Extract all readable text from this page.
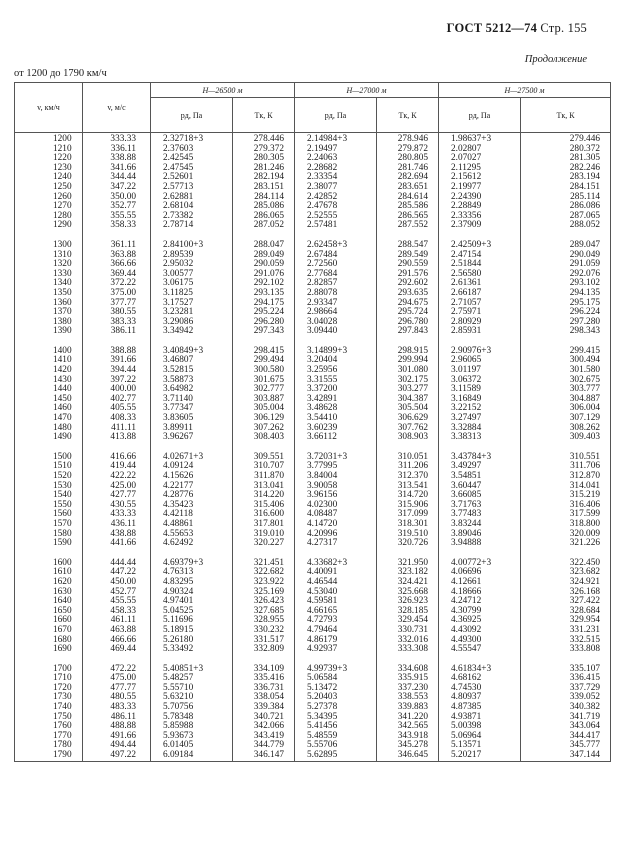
ГОСТ 5212—74 Стр. 155
Продолжение
от 1200 до 1790 км/ч
v, км/ч	v, м/с	H—26500 м		H—27000 м		H—27500 м	
		pд, Па	Tк, К	pд, Па	Tк, К	pд, Па	Tк, К
1200	333.33	2.32718+3	278.446	2.14984+3	278.946	1.98637+3	279.446
1210	336.11	2.37603	279.372	2.19497	279.872	2.02807	280.372
1220	338.88	2.42545	280.305	2.24063	280.805	2.07027	281.305
1230	341.66	2.47545	281.246	2.28682	281.746	2.11295	282.246
1240	344.44	2.52601	282.194	2.33354	282.694	2.15612	283.194
1250	347.22	2.57713	283.151	2.38077	283.651	2.19977	284.151
1260	350.00	2.62881	284.114	2.42852	284.614	2.24390	285.114
1270	352.77	2.68104	285.086	2.47678	285.586	2.28849	286.086
1280	355.55	2.73382	286.065	2.52555	286.565	2.33356	287.065
1290	358.33	2.78714	287.052	2.57481	287.552	2.37909	288.052

1300	361.11	2.84100+3	288.047	2.62458+3	288.547	2.42509+3	289.047
1310	363.88	2.89539	289.049	2.67484	289.549	2.47154	290.049
1320	366.66	2.95032	290.059	2.72560	290.559	2.51844	291.059
1330	369.44	3.00577	291.076	2.77684	291.576	2.56580	292.076
1340	372.22	3.06175	292.102	2.82857	292.602	2.61361	293.102
1350	375.00	3.11825	293.135	2.88078	293.635	2.66187	294.135
1360	377.77	3.17527	294.175	2.93347	294.675	2.71057	295.175
1370	380.55	3.23281	295.224	2.98664	295.724	2.75971	296.224
1380	383.33	3.29086	296.280	3.04028	296.780	2.80929	297.280
1390	386.11	3.34942	297.343	3.09440	297.843	2.85931	298.343

1400	388.88	3.40849+3	298.415	3.14899+3	298.915	2.90976+3	299.415
1410	391.66	3.46807	299.494	3.20404	299.994	2.96065	300.494
1420	394.44	3.52815	300.580	3.25956	301.080	3.01197	301.580
1430	397.22	3.58873	301.675	3.31555	302.175	3.06372	302.675
1440	400.00	3.64982	302.777	3.37200	303.277	3.11589	303.777
1450	402.77	3.71140	303.887	3.42891	304.387	3.16849	304.887
1460	405.55	3.77347	305.004	3.48628	305.504	3.22152	306.004
1470	408.33	3.83605	306.129	3.54410	306.629	3.27497	307.129
1480	411.11	3.89911	307.262	3.60239	307.762	3.32884	308.262
1490	413.88	3.96267	308.403	3.66112	308.903	3.38313	309.403

1500	416.66	4.02671+3	309.551	3.72031+3	310.051	3.43784+3	310.551
1510	419.44	4.09124	310.707	3.77995	311.206	3.49297	311.706
1520	422.22	4.15626	311.870	3.84004	312.370	3.54851	312.870
1530	425.00	4.22177	313.041	3.90058	313.541	3.60447	314.041
1540	427.77	4.28776	314.220	3.96156	314.720	3.66085	315.219
1550	430.55	4.35423	315.406	4.02300	315.906	3.71763	316.406
1560	433.33	4.42118	316.600	4.08487	317.099	3.77483	317.599
1570	436.11	4.48861	317.801	4.14720	318.301	3.83244	318.800
1580	438.88	4.55653	319.010	4.20996	319.510	3.89046	320.009
1590	441.66	4.62492	320.227	4.27317	320.726	3.94888	321.226

1600	444.44	4.69379+3	321.451	4.33682+3	321.950	4.00772+3	322.450
1610	447.22	4.76313	322.682	4.40091	323.182	4.06696	323.682
1620	450.00	4.83295	323.922	4.46544	324.421	4.12661	324.921
1630	452.77	4.90324	325.169	4.53040	325.668	4.18666	326.168
1640	455.55	4.97401	326.423	4.59581	326.923	4.24712	327.422
1650	458.33	5.04525	327.685	4.66165	328.185	4.30799	328.684
1660	461.11	5.11696	328.955	4.72793	329.454	4.36925	329.954
1670	463.88	5.18915	330.232	4.79464	330.731	4.43092	331.231
1680	466.66	5.26180	331.517	4.86179	332.016	4.49300	332.515
1690	469.44	5.33492	332.809	4.92937	333.308	4.55547	333.808

1700	472.22	5.40851+3	334.109	4.99739+3	334.608	4.61834+3	335.107
1710	475.00	5.48257	335.416	5.06584	335.915	4.68162	336.415
1720	477.77	5.55710	336.731	5.13472	337.230	4.74530	337.729
1730	480.55	5.63210	338.054	5.20403	338.553	4.80937	339.052
1740	483.33	5.70756	339.384	5.27378	339.883	4.87385	340.382
1750	486.11	5.78348	340.721	5.34395	341.220	4.93871	341.719
1760	488.88	5.85988	342.066	5.41456	342.565	5.00398	343.064
1770	491.66	5.93673	343.419	5.48559	343.918	5.06964	344.417
1780	494.44	6.01405	344.779	5.55706	345.278	5.13571	345.777
1790	497.22	6.09184	346.147	5.62895	346.645	5.20217	347.144
